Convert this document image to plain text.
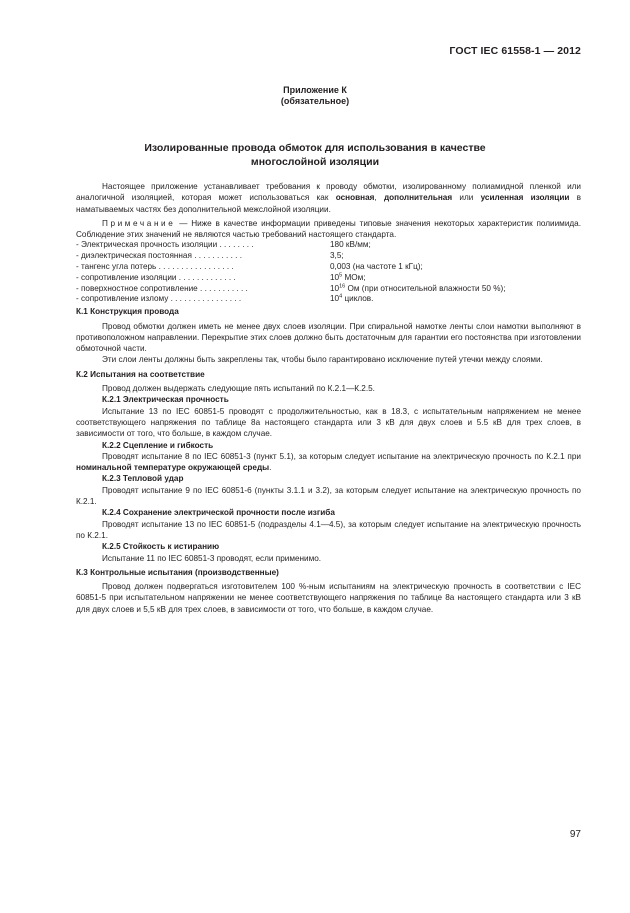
ГОСТ IEC 61558-1 — 2012
Приложение К
(обязательное)
Изолированные провода обмоток для использования в качестве
многослойной изоляции

Настоящее приложение устанавливает требования к проводу обмотки, изолированному полиамидной пленкой или аналогичной изоляцией, которая может использоваться как основная, дополнительная или усиленная изоляции в наматываемых частях без дополнительной межслойной изоляции.

Примечание — Ниже в качестве информации приведены типовые значения некоторых характеристик полиимида. Соблюдение этих значений не являются частью требований настоящего стандарта.

- Электрическая прочность изоляции . . . . . . . .	180 кВ/мм;
- диэлектрическая постоянная . . . . . . . . . . .	3,5;
- тангенс угла потерь . . . . . . . . . . . . . . . . .	0,003 (на частоте 1 кГц);
- сопротивление изоляции . . . . . . . . . . . . .	$10^5$ МОм;
- поверхностное сопротивление . . . . . . . . . . .	$10^{16}$ Ом (при относительной влажности 50 %);
- сопротивление излому . . . . . . . . . . . . . . . .	$10^4$ циклов.

К.1 Конструкция провода

Провод обмотки должен иметь не менее двух слоев изоляции. При спиральной намотке ленты слои намотки выполняют в противоположном направлении. Перекрытие этих слоев должно быть достаточным для гарантии его постоянства при изготовлении обмоточной части.

Эти слои ленты должны быть закреплены так, чтобы было гарантировано исключение путей утечки между слоями.

К.2 Испытания на соответствие

Провод должен выдержать следующие пять испытаний по К.2.1—К.2.5.

К.2.1 Электрическая прочность

Испытание 13 по IEC 60851-5 проводят с продолжительностью, как в 18.3, с испытательным напряжением не менее соответствующего напряжения по таблице 8а настоящего стандарта или 3 кВ для двух слоев и 5.5 кВ для трех слоев, в зависимости от того, что больше, в каждом случае.

К.2.2 Сцепление и гибкость

Проводят испытание 8 по IEC 60851-3 (пункт 5.1), за которым следует испытание на электрическую прочность по К.2.1 при номинальной температуре окружающей среды.

К.2.3 Тепловой удар

Проводят испытание 9 по IEC 60851-6 (пункты 3.1.1 и 3.2), за которым следует испытание на электрическую прочность по К.2.1.

К.2.4 Сохранение электрической прочности после изгиба

Проводят испытание 13 по IEC 60851-5 (подразделы 4.1—4.5), за которым следует испытание на электрическую прочность по К.2.1.

К.2.5 Стойкость к истиранию

Испытание 11 по IEC 60851-3 проводят, если применимо.

К.3 Контрольные испытания (производственные)

Провод должен подвергаться изготовителем 100 %-ным испытаниям на электрическую прочность в соответствии с IEC 60851-5 при испытательном напряжении не менее соответствующего напряжения по таблице 8а настоящего стандарта или 3 кВ для двух слоев и 5,5 кВ для трех слоев, в зависимости от того, что больше, в каждом случае.

97
